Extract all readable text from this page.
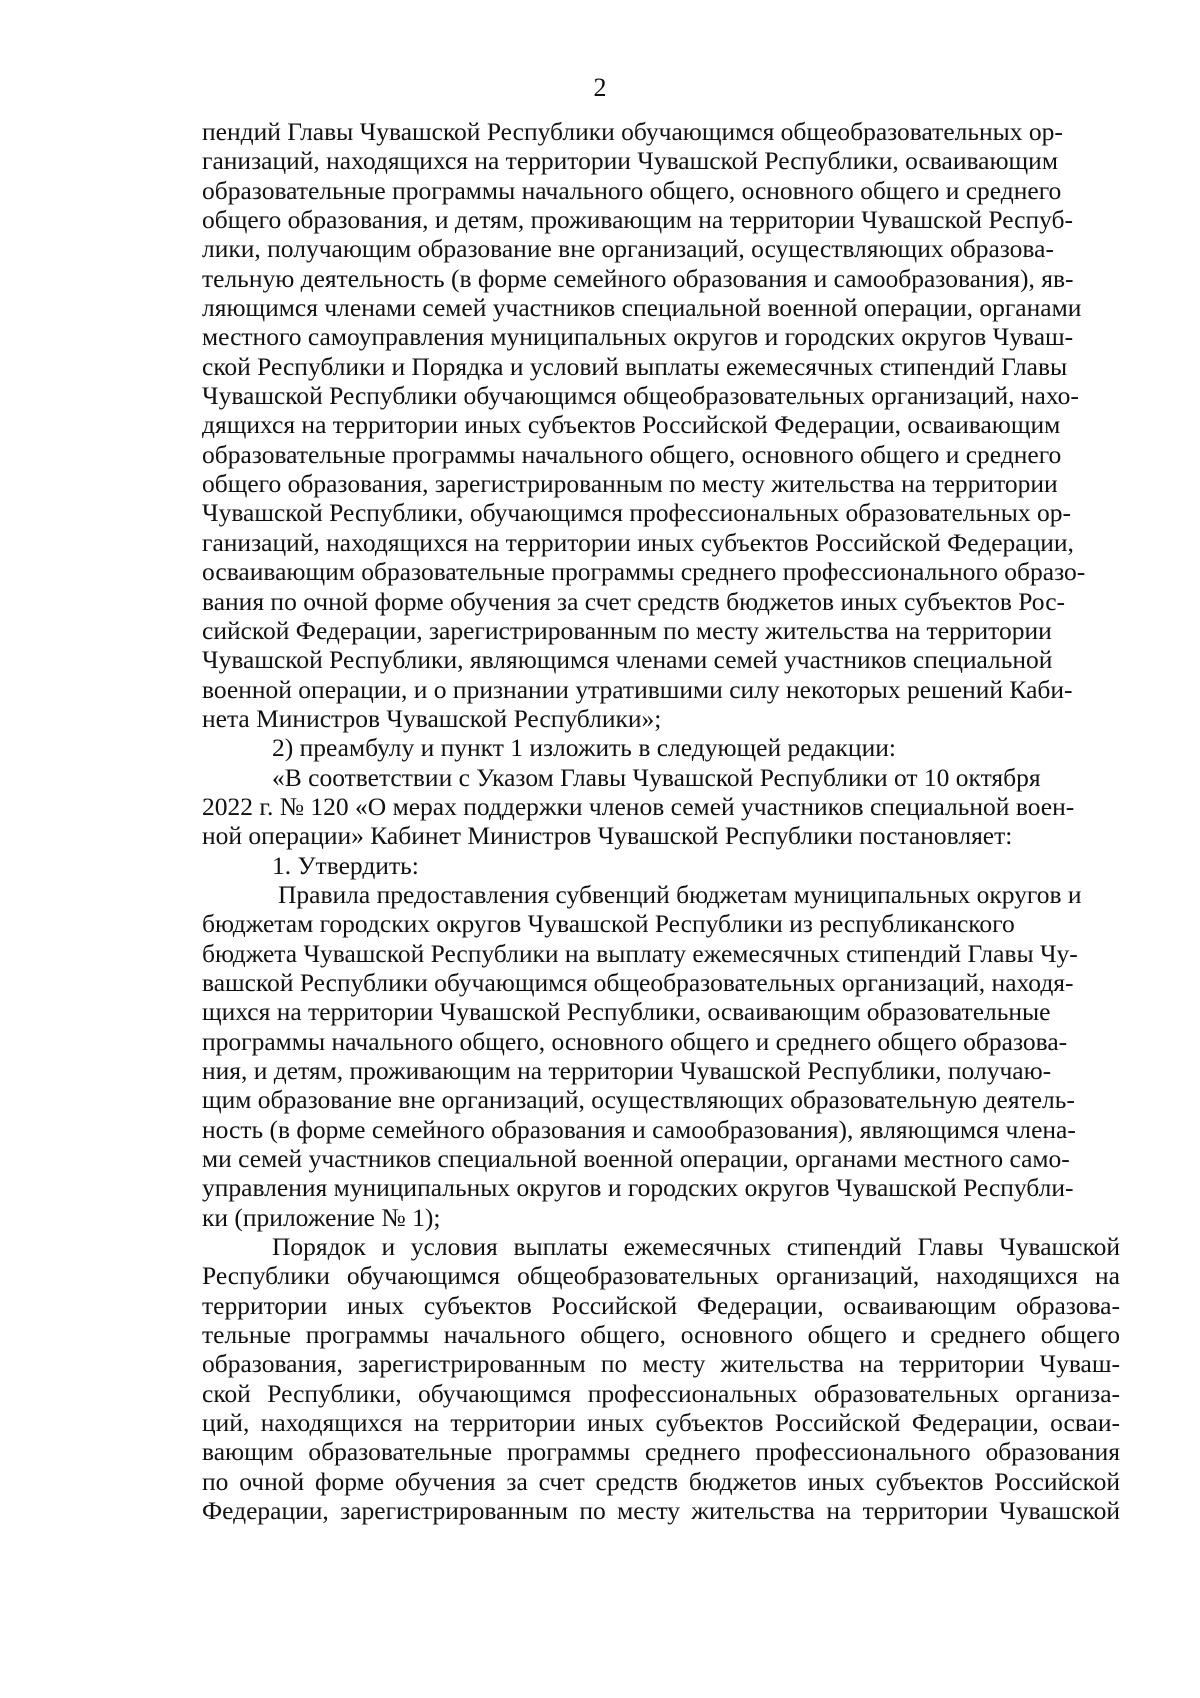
2

пендий Главы Чувашской Республики обучающимся общеобразовательных ор-
ганизаций, находящихся на территории Чувашской Республики, осваивающим
образовательные программы начального общего, основного общего и среднего
общего образования, и детям, проживающим на территории Чувашской Респуб-
лики, получающим образование вне организаций, осуществляющих образова-
тельную деятельность (в форме семейного образования и самообразования), яв-
ляющимся членами семей участников специальной военной операции, органами
местного самоуправления муниципальных округов и городских округов Чуваш-
ской Республики и Порядка и условий выплаты ежемесячных стипендий Главы
Чувашской Республики обучающимся общеобразовательных организаций, нахо-
дящихся на территории иных субъектов Российской Федерации, осваивающим
образовательные программы начального общего, основного общего и среднего
общего образования, зарегистрированным по месту жительства на территории
Чувашской Республики, обучающимся профессиональных образовательных ор-
ганизаций, находящихся на территории иных субъектов Российской Федерации,
осваивающим образовательные программы среднего профессионального образо-
вания по очной форме обучения за счет средств бюджетов иных субъектов Рос-
сийской Федерации, зарегистрированным по месту жительства на территории
Чувашской Республики, являющимся членами семей участников специальной
военной операции, и о признании утратившими силу некоторых решений Каби-
нета Министров Чувашской Республики»;

2) преамбулу и пункт 1 изложить в следующей редакции:

«В соответствии с Указом Главы Чувашской Республики от 10 октября
2022 г. № 120 «О мерах поддержки членов семей участников специальной воен-
ной операции» Кабинет Министров Чувашской Республики постановляет:

1. Утвердить:

Правила предоставления субвенций бюджетам муниципальных округов и
бюджетам городских округов Чувашской Республики из республиканского
бюджета Чувашской Республики на выплату ежемесячных стипендий Главы Чу-
вашской Республики обучающимся общеобразовательных организаций, находя-
щихся на территории Чувашской Республики, осваивающим образовательные
программы начального общего, основного общего и среднего общего образова-
ния, и детям, проживающим на территории Чувашской Республики, получаю-
щим образование вне организаций, осуществляющих образовательную деятель-
ность (в форме семейного образования и самообразования), являющимся члена-
ми семей участников специальной военной операции, органами местного само-
управления муниципальных округов и городских округов Чувашской Республи-
ки (приложение № 1);

Порядок и условия выплаты ежемесячных стипендий Главы Чувашской
Республики обучающимся общеобразовательных организаций, находящихся на
территории иных субъектов Российской Федерации, осваивающим образова-
тельные программы начального общего, основного общего и среднего общего
образования, зарегистрированным по месту жительства на территории Чуваш-
ской Республики, обучающимся профессиональных образовательных организа-
ций, находящихся на территории иных субъектов Российской Федерации, осваи-
вающим образовательные программы среднего профессионального образования
по очной форме обучения за счет средств бюджетов иных субъектов Российской
Федерации, зарегистрированным по месту жительства на территории Чувашской
